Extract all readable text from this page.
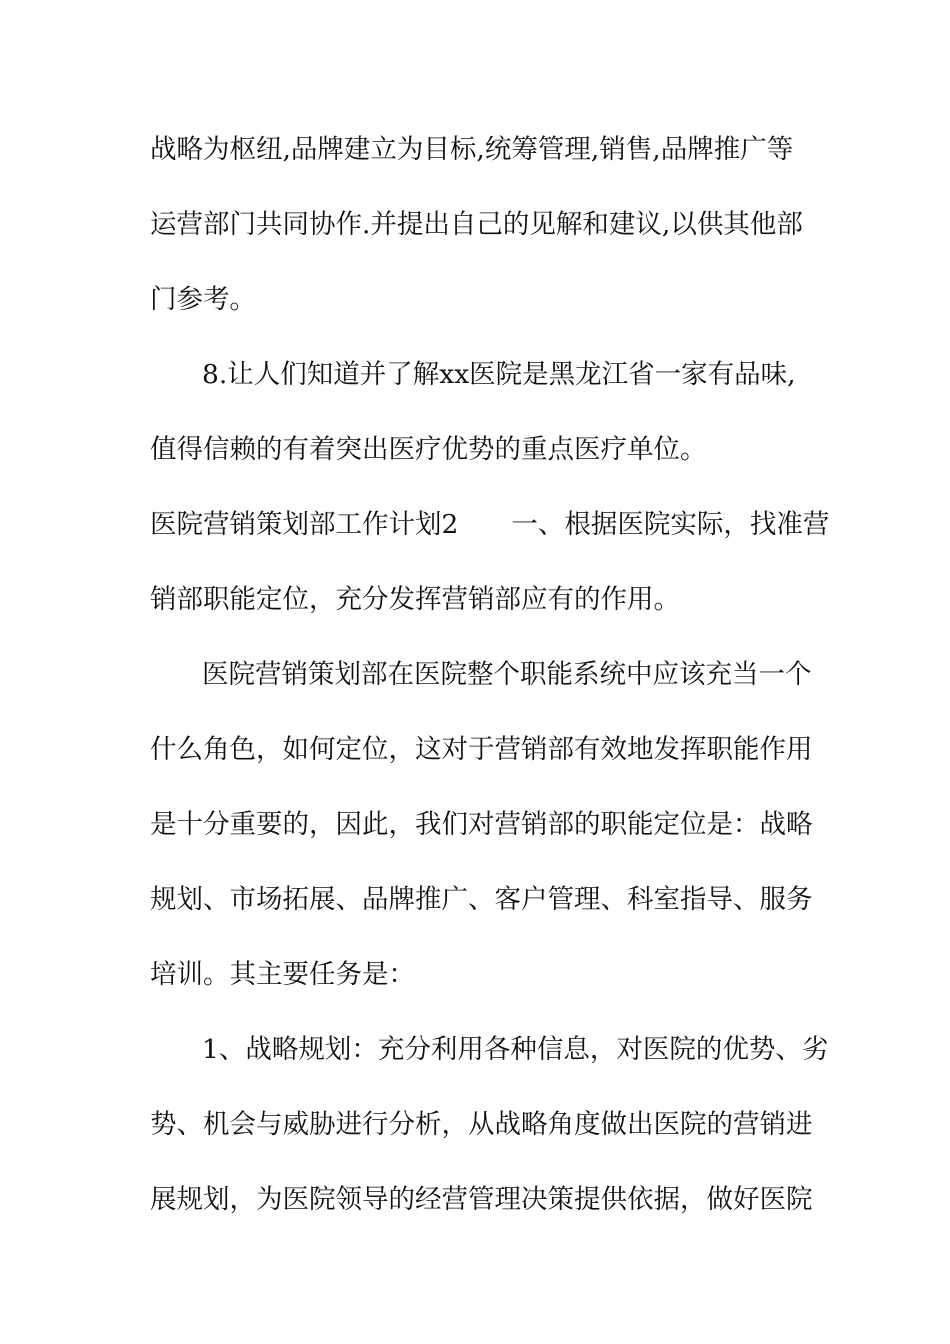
战略为枢纽,品牌建立为目标,统筹管理,销售,品牌推广等
运营部门共同协作.并提出自己的见解和建议,以供其他部
门参考。
8.让人们知道并了解xx医院是黑龙江省一家有品味,
值得信赖的有着突出医疗优势的重点医疗单位。
医院营销策划部工作计划2　　一、根据医院实际，找准营
销部职能定位，充分发挥营销部应有的作用。
医院营销策划部在医院整个职能系统中应该充当一个
什么角色，如何定位，这对于营销部有效地发挥职能作用
是十分重要的，因此，我们对营销部的职能定位是：战略
规划、市场拓展、品牌推广、客户管理、科室指导、服务
培训。其主要任务是：
1、战略规划：充分利用各种信息，对医院的优势、劣
势、机会与威胁进行分析，从战略角度做出医院的营销进
展规划，为医院领导的经营管理决策提供依据，做好医院
